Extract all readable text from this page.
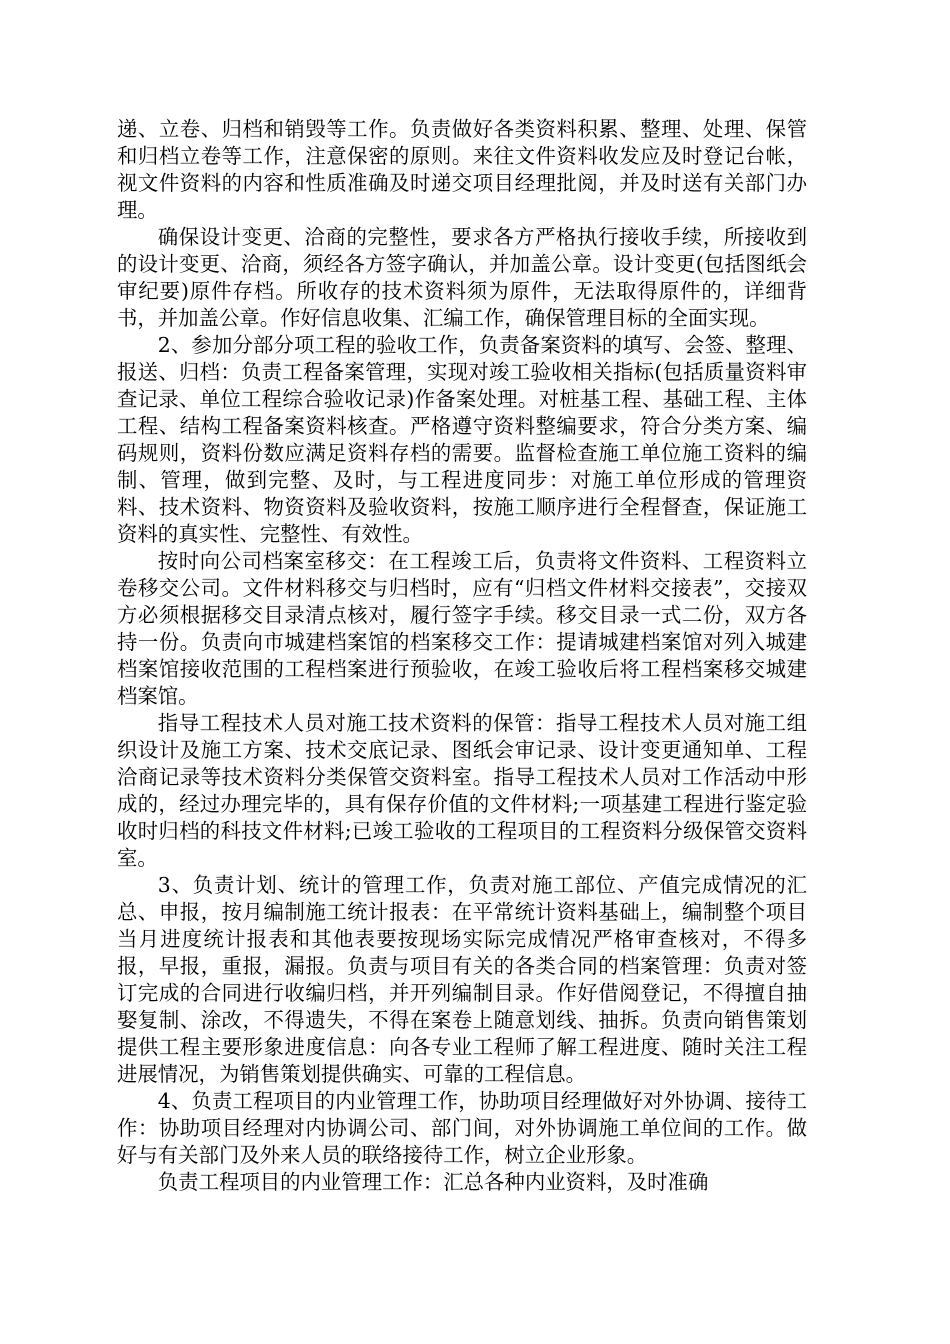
递、立卷、归档和销毁等工作。负责做好各类资料积累、整理、处理、保管和归档立卷等工作，注意保密的原则。来往文件资料收发应及时登记台帐，视文件资料的内容和性质准确及时递交项目经理批阅，并及时送有关部门办理。

确保设计变更、洽商的完整性，要求各方严格执行接收手续，所接收到的设计变更、洽商，须经各方签字确认，并加盖公章。设计变更(包括图纸会审纪要)原件存档。所收存的技术资料须为原件，无法取得原件的，详细背书，并加盖公章。作好信息收集、汇编工作，确保管理目标的全面实现。

2、参加分部分项工程的验收工作，负责备案资料的填写、会签、整理、报送、归档：负责工程备案管理，实现对竣工验收相关指标(包括质量资料审查记录、单位工程综合验收记录)作备案处理。对桩基工程、基础工程、主体工程、结构工程备案资料核查。严格遵守资料整编要求，符合分类方案、编码规则，资料份数应满足资料存档的需要。监督检查施工单位施工资料的编制、管理，做到完整、及时，与工程进度同步：对施工单位形成的管理资料、技术资料、物资资料及验收资料，按施工顺序进行全程督查，保证施工资料的真实性、完整性、有效性。

按时向公司档案室移交：在工程竣工后，负责将文件资料、工程资料立卷移交公司。文件材料移交与归档时，应有“归档文件材料交接表”，交接双方必须根据移交目录清点核对，履行签字手续。移交目录一式二份，双方各持一份。负责向市城建档案馆的档案移交工作：提请城建档案馆对列入城建档案馆接收范围的工程档案进行预验收，在竣工验收后将工程档案移交城建档案馆。

指导工程技术人员对施工技术资料的保管：指导工程技术人员对施工组织设计及施工方案、技术交底记录、图纸会审记录、设计变更通知单、工程洽商记录等技术资料分类保管交资料室。指导工程技术人员对工作活动中形成的，经过办理完毕的，具有保存价值的文件材料;一项基建工程进行鉴定验收时归档的科技文件材料;已竣工验收的工程项目的工程资料分级保管交资料室。

3、负责计划、统计的管理工作，负责对施工部位、产值完成情况的汇总、申报，按月编制施工统计报表：在平常统计资料基础上，编制整个项目当月进度统计报表和其他表要按现场实际完成情况严格审查核对，不得多报，早报，重报，漏报。负责与项目有关的各类合同的档案管理：负责对签订完成的合同进行收编归档，并开列编制目录。作好借阅登记，不得擅自抽娶复制、涂改，不得遗失，不得在案卷上随意划线、抽拆。负责向销售策划提供工程主要形象进度信息：向各专业工程师了解工程进度、随时关注工程进展情况，为销售策划提供确实、可靠的工程信息。

4、负责工程项目的内业管理工作，协助项目经理做好对外协调、接待工作：协助项目经理对内协调公司、部门间，对外协调施工单位间的工作。做好与有关部门及外来人员的联络接待工作，树立企业形象。

负责工程项目的内业管理工作：汇总各种内业资料，及时准确
